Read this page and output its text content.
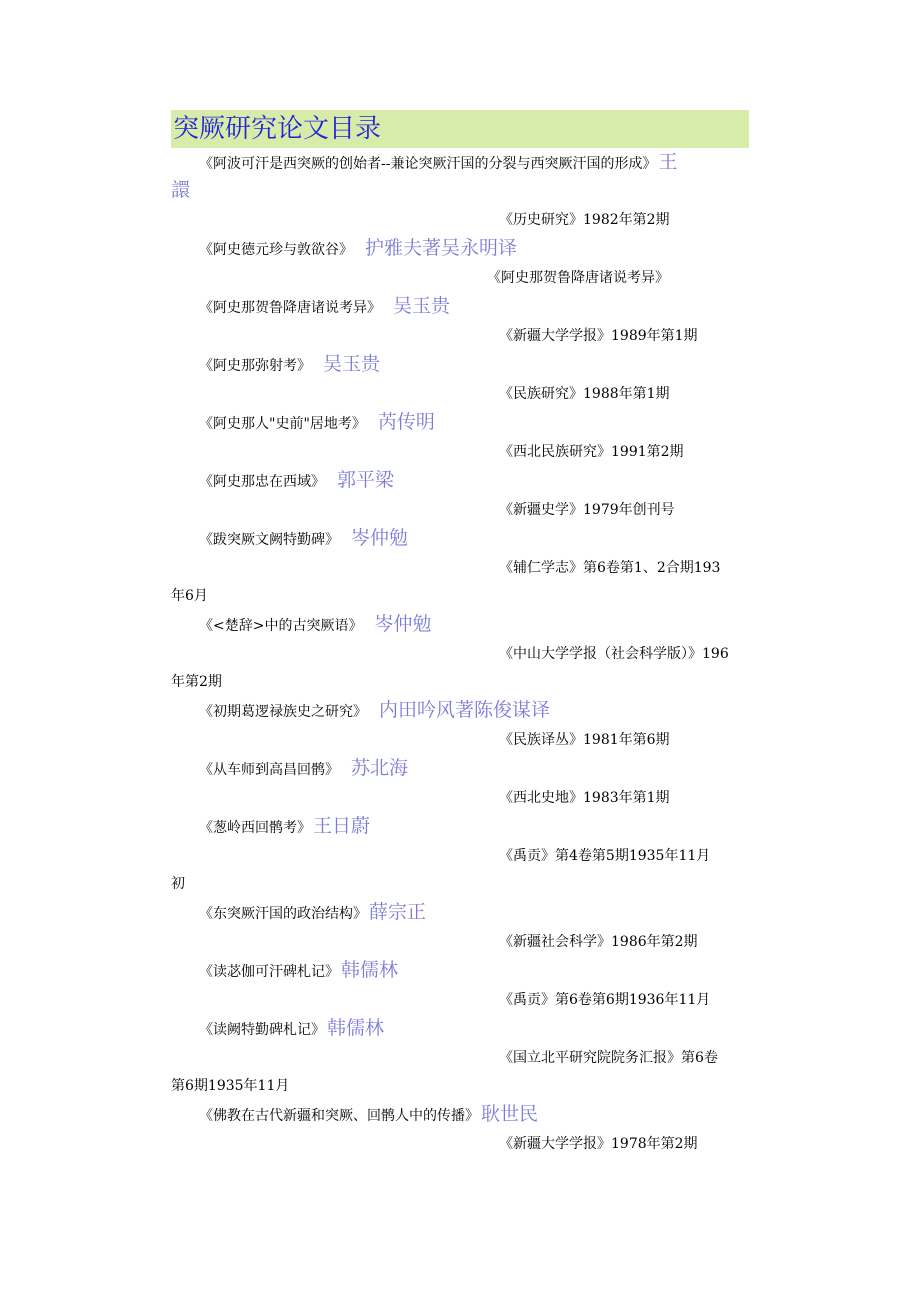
突厥研究论文目录
《阿波可汗是西突厥的创始者--兼论突厥汗国的分裂与西突厥汗国的形成》 王
譞
《历史研究》1982年第2期
《阿史德元珍与敦欲谷》 护雅夫著吴永明译
《阿史那贺鲁降唐诸说考异》
《阿史那贺鲁降唐诸说考异》 吴玉贵
《新疆大学学报》1989年第1期
《阿史那弥射考》 吴玉贵
《民族研究》1988年第1期
《阿史那人"史前"居地考》 芮传明
《西北民族研究》1991第2期
《阿史那忠在西域》 郭平梁
《新疆史学》1979年创刊号
《跋突厥文阙特勤碑》 岑仲勉
《辅仁学志》第6卷第1、2合期193
年6月
《<楚辞>中的古突厥语》 岑仲勉
《中山大学学报（社会科学版）》196
年第2期
《初期葛逻禄族史之研究》 内田吟风著陈俊谋译
《民族译丛》1981年第6期
《从车师到高昌回鹘》 苏北海
《西北史地》1983年第1期
《葱岭西回鹘考》 王日蔚
《禹贡》第4卷第5期1935年11月
初
《东突厥汗国的政治结构》 薛宗正
《新疆社会科学》1986年第2期
《读苾伽可汗碑札记》 韩儒林
《禹贡》第6卷第6期1936年11月
《读阙特勤碑札记》 韩儒林
《国立北平研究院院务汇报》第6卷
第6期1935年11月
《佛教在古代新疆和突厥、回鹘人中的传播》 耿世民
《新疆大学学报》1978年第2期
